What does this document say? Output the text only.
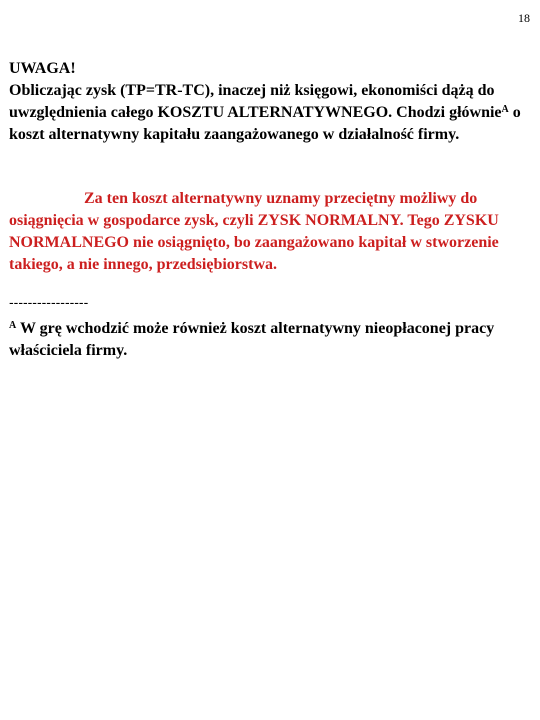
18
UWAGA!
Obliczając zysk (TP=TR-TC), inaczej niż księgowi, ekonomiści dążą do uwzględnienia całego KOSZTU ALTERNATYWNEGO. Chodzi głównie$^A$ o koszt alternatywny kapitału zaangażowanego w działalność firmy.
Za ten koszt alternatywny uznamy przeciętny możliwy do osiągnięcia w gospodarce zysk, czyli ZYSK NORMALNY. Tego ZYSKU NORMALNEGO nie osiągnięto, bo zaangażowano kapitał w stworzenie takiego, a nie innego, przedsiębiorstwa.
-----------------
$^A$ W grę wchodzić może również koszt alternatywny nieopłaconej pracy właściciela firmy.
